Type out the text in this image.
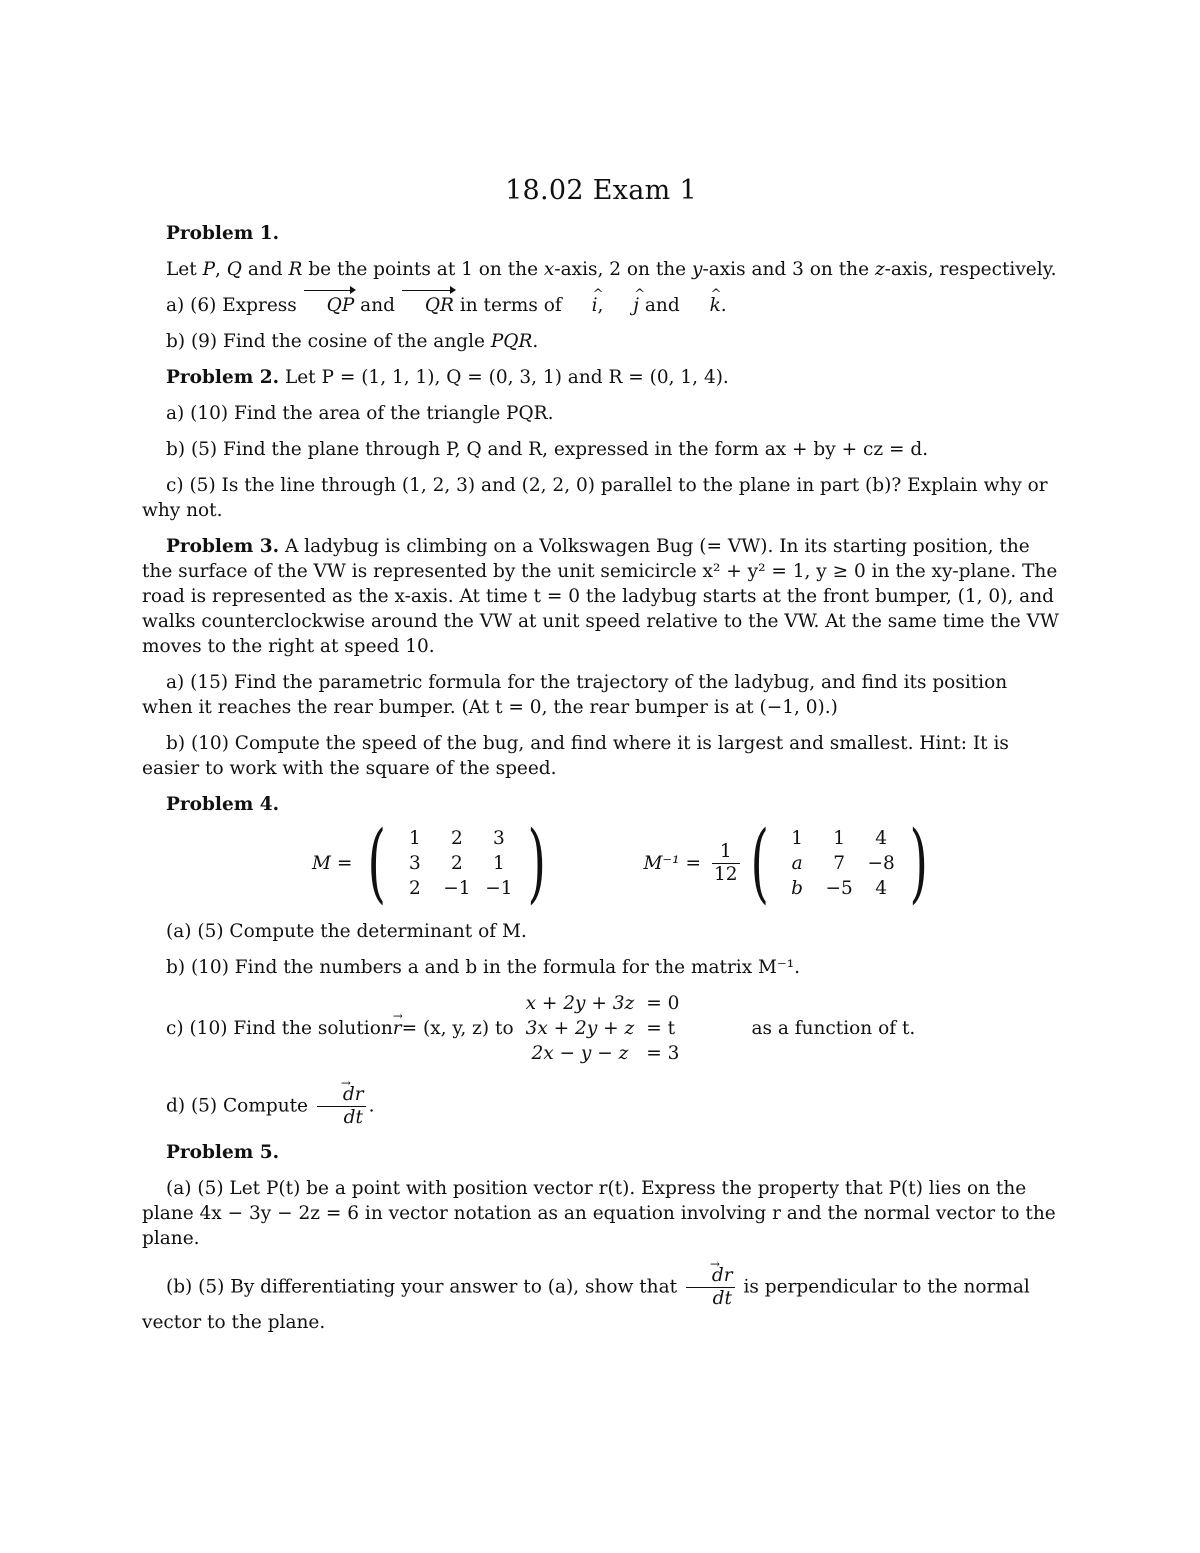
18.02 Exam 1

Problem 1.

Let P, Q and R be the points at 1 on the x-axis, 2 on the y-axis and 3 on the z-axis, respectively.

a) (6) Express QP and QR in terms of i ^, j ^ and k ^.

b) (9) Find the cosine of the angle PQR.

Problem 2. Let P = (1, 1, 1), Q = (0, 3, 1) and R = (0, 1, 4).

a) (10) Find the area of the triangle PQR.

b) (5) Find the plane through P, Q and R, expressed in the form ax + by + cz = d.

c) (5) Is the line through (1, 2, 3) and (2, 2, 0) parallel to the plane in part (b)? Explain why or why not.

Problem 3. A ladybug is climbing on a Volkswagen Bug (= VW). In its starting position, the the surface of the VW is represented by the unit semicircle x² + y² = 1, y ≥ 0 in the xy-plane. The road is represented as the x-axis. At time t = 0 the ladybug starts at the front bumper, (1, 0), and walks counterclockwise around the VW at unit speed relative to the VW. At the same time the VW moves to the right at speed 10.

a) (15) Find the parametric formula for the trajectory of the ladybug, and find its position when it reaches the rear bumper. (At t = 0, the rear bumper is at (−1, 0).)

b) (10) Compute the speed of the bug, and find where it is largest and smallest. Hint: It is easier to work with the square of the speed.

Problem 4.

M = ( 1	2	3
3	2	1
2	−1	−1 )	$M^{-1} = \frac{1}{12}$ ( 1	1	4
a	7	−8
b	−5	4 )

(a) (5) Compute the determinant of M.

b) (10) Find the numbers a and b in the formula for the matrix M⁻¹.

c) (10) Find the solution r → = (x, y, z) to
x + 2y + 3z	= 0
3x + 2y + z	= t
2x − y − z	= 3
as a function of t.

d) (5) Compute $\frac{dr \to}{dt}$ .

Problem 5.

(a) (5) Let P(t) be a point with position vector r(t). Express the property that P(t) lies on the plane 4x − 3y − 2z = 6 in vector notation as an equation involving r and the normal vector to the plane.

(b) (5) By differentiating your answer to (a), show that $\frac{dr \to}{dt}$ is perpendicular to the normal vector to the plane.
